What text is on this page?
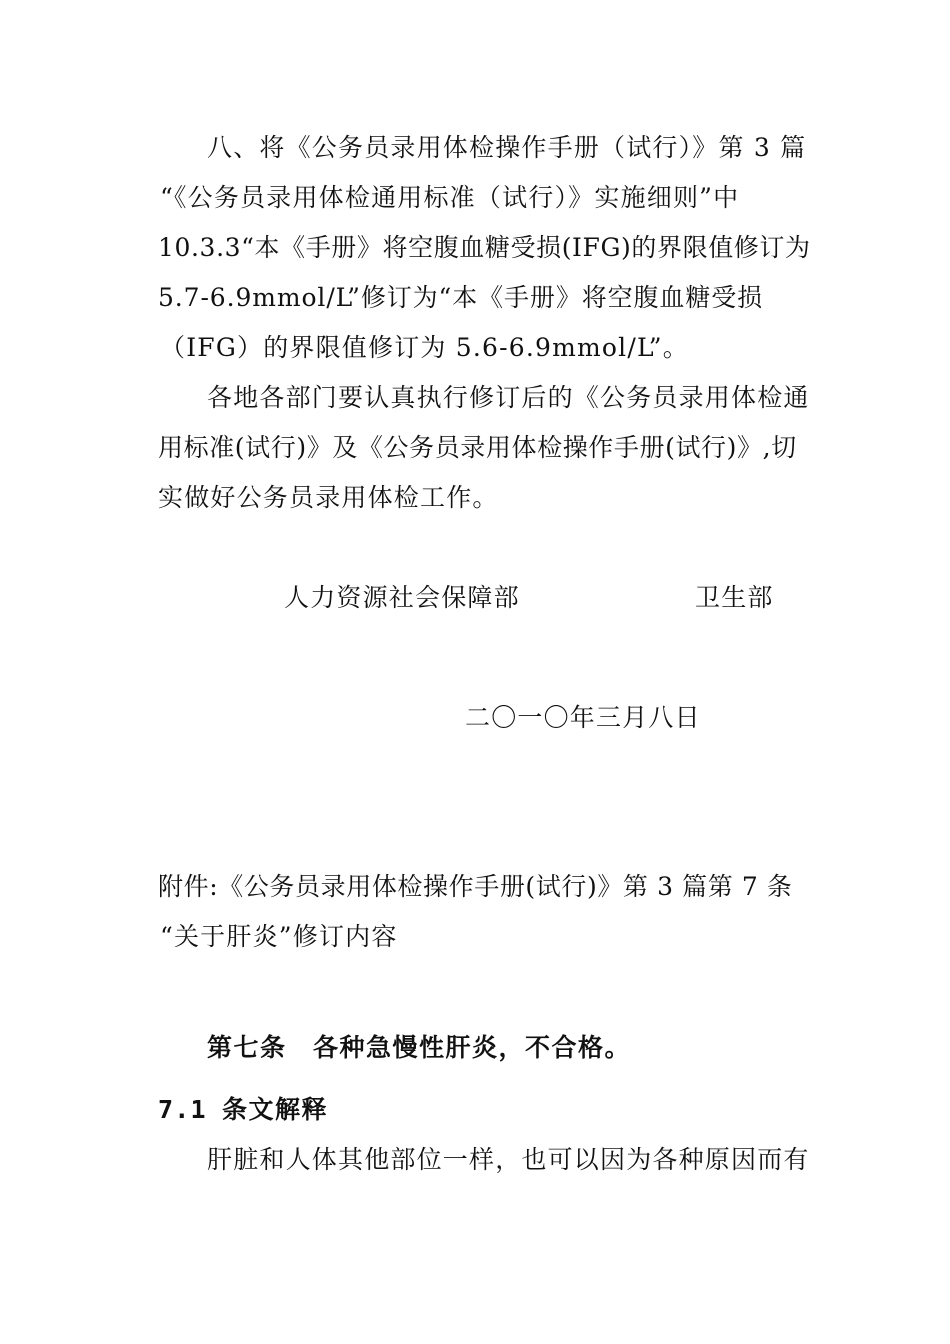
八、将《公务员录用体检操作手册（试行）》第 3 篇
“《公务员录用体检通用标准（试行）》实施细则”中
10.3.3“本《手册》将空腹血糖受损(IFG)的界限值修订为
5.7-6.9mmol/L”修订为“本《手册》将空腹血糖受损
（IFG）的界限值修订为 5.6-6.9mmol/L”。
各地各部门要认真执行修订后的《公务员录用体检通
用标准(试行)》及《公务员录用体检操作手册(试行)》,切
实做好公务员录用体检工作。
人力资源社会保障部	卫生部
二〇一〇年三月八日
附件:《公务员录用体检操作手册(试行)》第 3 篇第 7 条
“关于肝炎”修订内容
第七条　各种急慢性肝炎，不合格。
7.1 条文解释
肝脏和人体其他部位一样，也可以因为各种原因而有
